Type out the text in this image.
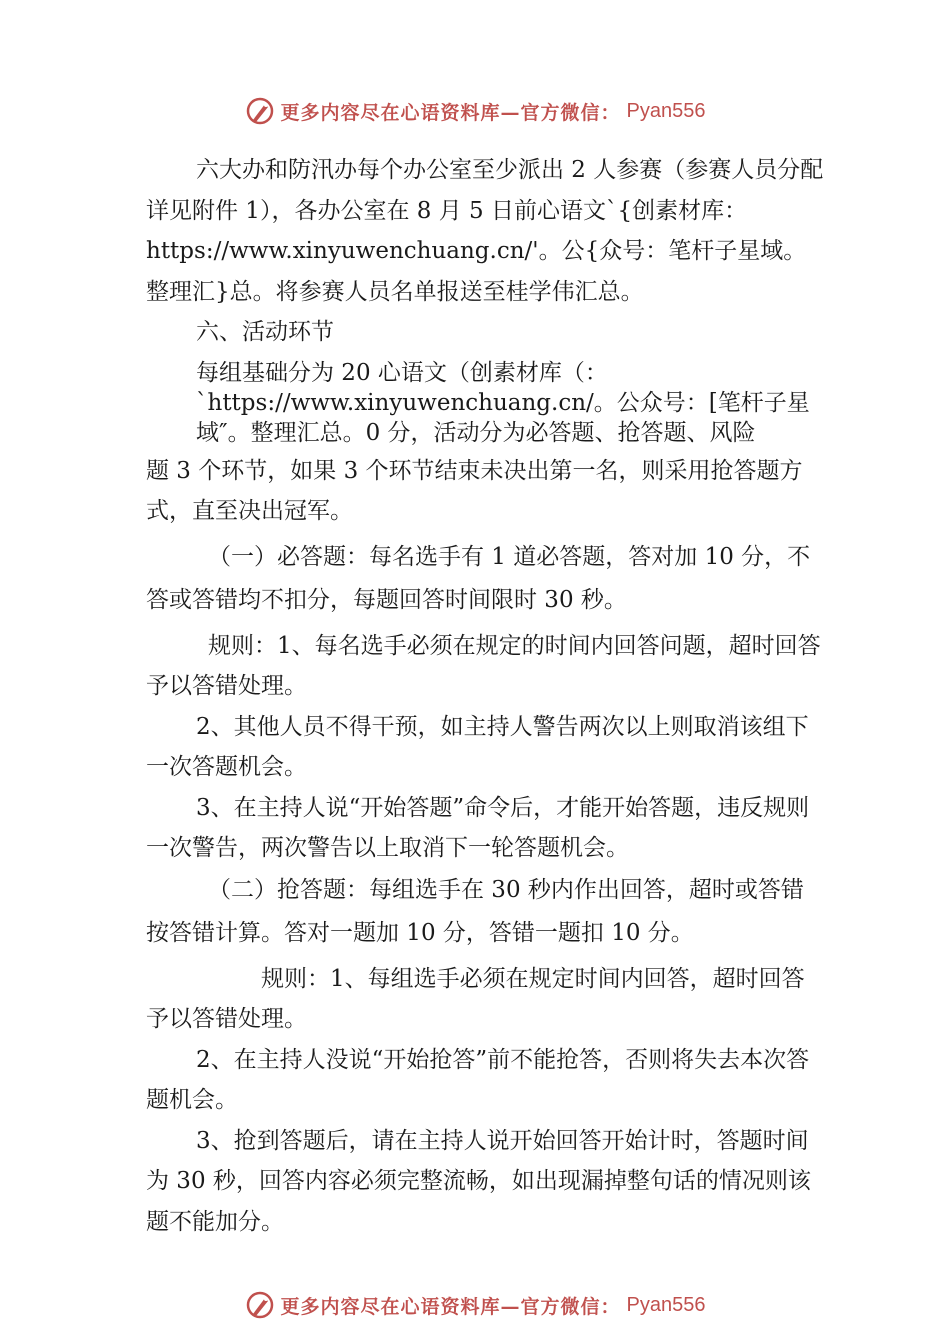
更多内容尽在心语资料库—官方微信： Pyan556

六大办和防汛办每个办公室至少派出 2 人参赛（参赛人员分配详见附件 1），各办公室在 8 月 5 日前心语文`{创素材库：https://www.xinyuwenchuang.cn/'。公{众号：笔杆子星域。整理汇}总。将参赛人员名单报送至桂学伟汇总。

六、活动环节

每组基础分为 20 心语文（创素材库（：`https://www.xinyuwenchuang.cn/。公众号：[笔杆子星域″。整理汇总。0 分，活动分为必答题、抢答题、风险

题 3 个环节，如果 3 个环节结束未决出第一名，则采用抢答题方式，直至决出冠军。

（一）必答题：每名选手有 1 道必答题，答对加 10 分，不答或答错均不扣分，每题回答时间限时 30 秒。

规则：1、每名选手必须在规定的时间内回答问题，超时回答予以答错处理。

2、其他人员不得干预，如主持人警告两次以上则取消该组下一次答题机会。

3、在主持人说“开始答题”命令后，才能开始答题，违反规则一次警告，两次警告以上取消下一轮答题机会。

（二）抢答题：每组选手在 30 秒内作出回答，超时或答错按答错计算。答对一题加 10 分，答错一题扣 10 分。

规则：1、每组选手必须在规定时间内回答，超时回答予以答错处理。

2、在主持人没说“开始抢答”前不能抢答，否则将失去本次答题机会。

3、抢到答题后，请在主持人说开始回答开始计时，答题时间为 30 秒，回答内容必须完整流畅，如出现漏掉整句话的情况则该题不能加分。

更多内容尽在心语资料库—官方微信： Pyan556
